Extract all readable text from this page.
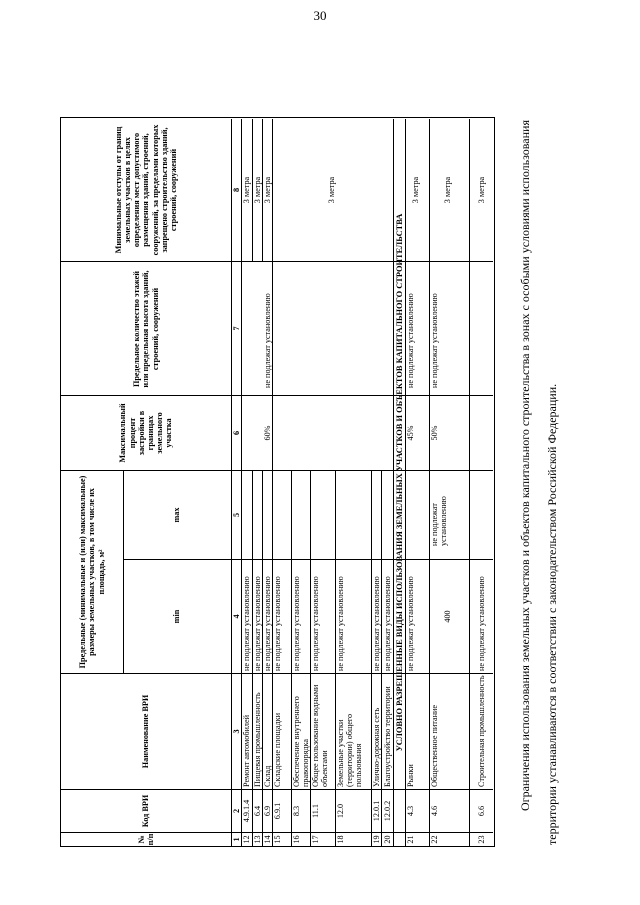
30
№ п/п
Код ВРИ
Наименование ВРИ
Предельные (минимальные и (или) максимальные) размеры земельных участков, в том числе их площадь, м²
min
max
Максимальный процент застройки в границах земельного участка
Предельное количество этажей или предельная высота зданий, строений, сооружений
Минимальные отступы от границ земельных участков в целях определения мест допустимого размещения зданий, строений, сооружений, за пределами которых запрещено строительство зданий, строений, сооружений
1
2
3
4
5
6
7
8
12
4.9.1.4
Ремонт автомобилей
не подлежат установлению
3 метра
13
6.4
Пищевая промышленность
не подлежат установлению
3 метра
14
6.9
Склад
не подлежат установлению
3 метра
60%
не подлежат установлению
15
6.9.1
Складские площадки
не подлежат установлению
16
8.3
Обеспечение внутреннего правопорядка
не подлежат установлению
17
11.1
Общее пользование водными объектами
не подлежат установлению
18
12.0
Земельные участки (территории) общего пользования
не подлежат установлению
19
12.0.1
Улично-дорожная сеть
не подлежат установлению
20
12.0.2
Благоустройство территории
не подлежат установлению
3 метра
УСЛОВНО РАЗРЕШЕННЫЕ ВИДЫ ИСПОЛЬЗОВАНИЯ ЗЕМЕЛЬНЫХ УЧАСТКОВ И ОБЪЕКТОВ КАПИТАЛЬНОГО СТРОИТЕЛЬСТВА
21
4.3
Рынки
не подлежат установлению
45%
не подлежат установлению
3 метра
22
4.6
Общественное питание
400
не подлежат установлению
50%
не подлежат установлению
3 метра
23
6.6
Строительная промышленность
не подлежат установлению
3 метра	Ограничения использования земельных участков и объектов капитального строительства в зонах с особыми условиями использования территории устанавливаются в соответствии с законодательством Российской Федерации.
